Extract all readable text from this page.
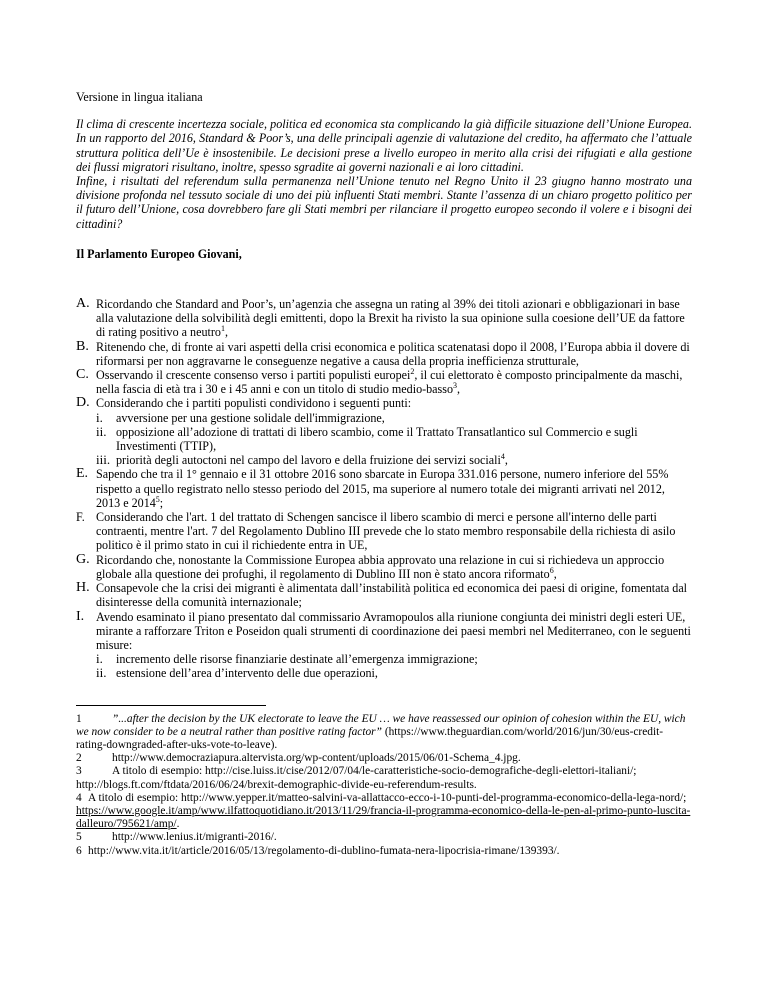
Versione in lingua italiana

Il clima di crescente incertezza sociale, politica ed economica sta complicando la già difficile situazione dell’Unione Europea. In un rapporto del 2016, Standard & Poor’s, una delle principali agenzie di valutazione del credito, ha affermato che l’attuale struttura politica dell’Ue è insostenibile. Le decisioni prese a livello europeo in merito alla crisi dei rifugiati e alla gestione dei flussi migratori risultano, inoltre, spesso sgradite ai governi nazionali e ai loro cittadini.

Infine, i risultati del referendum sulla permanenza nell’Unione tenuto nel Regno Unito il 23 giugno hanno mostrato una divisione profonda nel tessuto sociale di uno dei più influenti Stati membri. Stante l’assenza di un chiaro progetto politico per il futuro dell’Unione, cosa dovrebbero fare gli Stati membri per rilanciare il progetto europeo secondo il volere e i bisogni dei cittadini?

Il Parlamento Europeo Giovani,

A. Ricordando che Standard and Poor’s, un’agenzia che assegna un rating al 39% dei titoli azionari e obbligazionari in base alla valutazione della solvibilità degli emittenti, dopo la Brexit ha rivisto la sua opinione sulla coesione dell’UE da fattore di rating positivo a neutro$^1$,
B. Ritenendo che, di fronte ai vari aspetti della crisi economica e politica scatenatasi dopo il 2008, l’Europa abbia il dovere di riformarsi per non aggravarne le conseguenze negative a causa della propria inefficienza strutturale,
C. Osservando il crescente consenso verso i partiti populisti europei$^2$, il cui elettorato è composto principalmente da maschi, nella fascia di età tra i 30 e i 45 anni e con un titolo di studio medio-basso$^3$,
D. Considerando che i partiti populisti condividono i seguenti punti:
i. avversione per una gestione solidale dell'immigrazione,
ii. opposizione all’adozione di trattati di libero scambio, come il Trattato Transatlantico sul Commercio e sugli Investimenti (TTIP),
iii. priorità degli autoctoni nel campo del lavoro e della fruizione dei servizi sociali$^4$,
E. Sapendo che tra il 1° gennaio e il 31 ottobre 2016 sono sbarcate in Europa 331.016 persone, numero inferiore del 55% rispetto a quello registrato nello stesso periodo del 2015, ma superiore al numero totale dei migranti arrivati nel 2012, 2013 e 2014$^5$;
F. Considerando che l'art. 1 del trattato di Schengen sancisce il libero scambio di merci e persone all'interno delle parti contraenti, mentre l'art. 7 del Regolamento Dublino III prevede che lo stato membro responsabile della richiesta di asilo politico è il primo stato in cui il richiedente entra in UE,
G. Ricordando che, nonostante la Commissione Europea abbia approvato una relazione in cui si richiedeva un approccio globale alla questione dei profughi, il regolamento di Dublino III non è stato ancora riformato$^6$,
H. Consapevole che la crisi dei migranti è alimentata dall’instabilità politica ed economica dei paesi di origine, fomentata dal disinteresse della comunità internazionale;
I. Avendo esaminato il piano presentato dal commissario Avramopoulos alla riunione congiunta dei ministri degli esteri UE, mirante a rafforzare Triton e Poseidon quali strumenti di coordinazione dei paesi membri nel Mediterraneo, con le seguenti misure:
i. incremento delle risorse finanziarie destinate all’emergenza immigrazione;
ii. estensione dell’area d’intervento delle due operazioni,

1	”...after the decision by the UK electorate to leave the EU … we have reassessed our opinion of cohesion within the EU, wich we now consider to be a neutral rather than positive rating factor” (https://www.theguardian.com/world/2016/jun/30/eus-credit-rating-downgraded-after-uks-vote-to-leave).

2	http://www.democraziapura.altervista.org/wp-content/uploads/2015/06/01-Schema_4.jpg.

3	A titolo di esempio: http://cise.luiss.it/cise/2012/07/04/le-caratteristiche-socio-demografiche-degli-elettori-italiani/; http://blogs.ft.com/ftdata/2016/06/24/brexit-demographic-divide-eu-referendum-results.

4 A titolo di esempio: http://www.yepper.it/matteo-salvini-va-allattacco-ecco-i-10-punti-del-programma-economico-della-lega-nord/; https://www.google.it/amp/www.ilfattoquotidiano.it/2013/11/29/francia-il-programma-economico-della-le-pen-al-primo-punto-luscita-dalleuro/795621/amp/.

5	http://www.lenius.it/migranti-2016/.

6 http://www.vita.it/it/article/2016/05/13/regolamento-di-dublino-fumata-nera-lipocrisia-rimane/139393/.
